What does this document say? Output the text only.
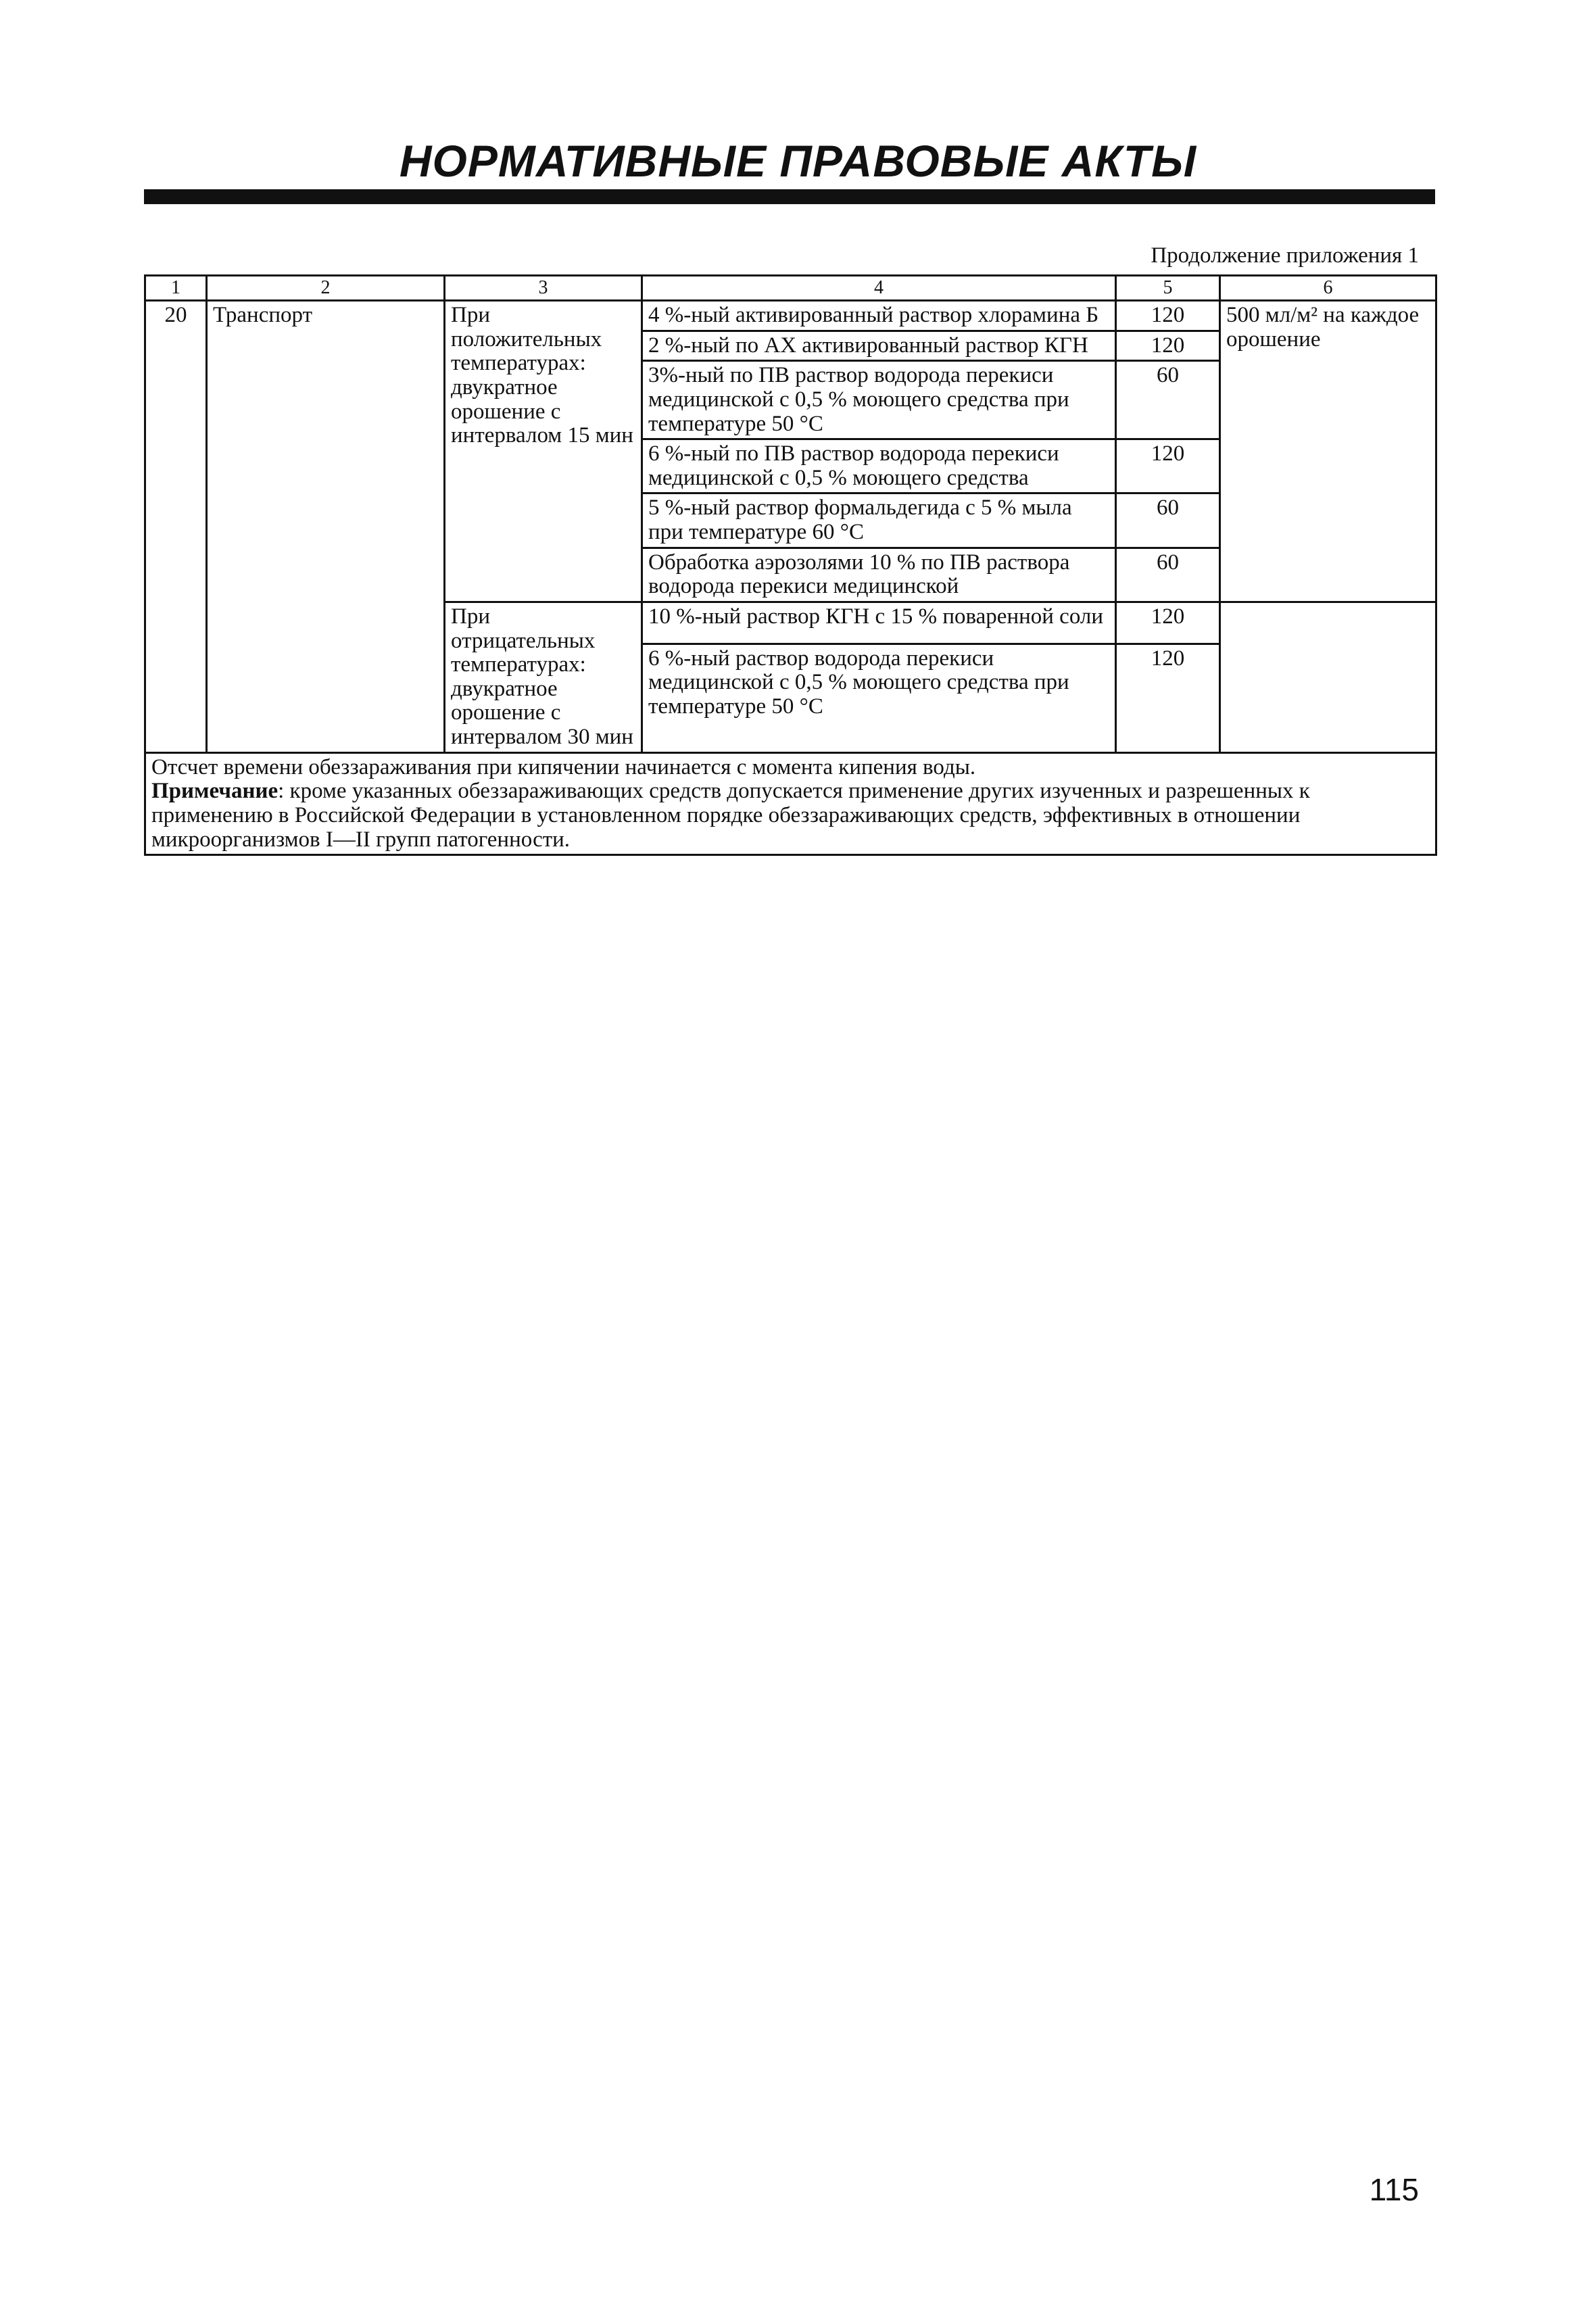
НОРМАТИВНЫЕ ПРАВОВЫЕ АКТЫ
Продолжение приложения 1
1	2	3	4	5	6
20	Транспорт	При положительных температурах: двукратное орошение с интервалом 15 мин	4 %-ный активированный раствор хлорамина Б	120	500 мл/м² на каждое орошение
			2 %-ный по АХ активированный раствор КГН	120	
			3%-ный по ПВ раствор водорода перекиси медицинской с 0,5 % моющего средства при температуре 50 °С	60	
			6 %-ный по ПВ раствор водорода перекиси медицинской с 0,5 % моющего средства	120	
			5 %-ный раствор формальдегида с 5 % мыла при температуре 60 °С	60	
			Обработка аэрозолями 10 % по ПВ раствора водорода перекиси медицинской	60	
		При отрицательных температурах: двукратное орошение с интервалом 30 мин	10 %-ный раствор КГН с 15 % поваренной соли	120	
			6 %-ный раствор водорода перекиси медицинской с 0,5 % моющего средства при температуре 50 °С	120	

Отсчет времени обеззараживания при кипячении начинается с момента кипения воды.
Примечание: кроме указанных обеззараживающих средств допускается применение других изученных и разрешенных к применению в Российской Федерации в установленном порядке обеззараживающих средств, эффективных в отношении микроорганизмов I—II групп патогенности.					
115
